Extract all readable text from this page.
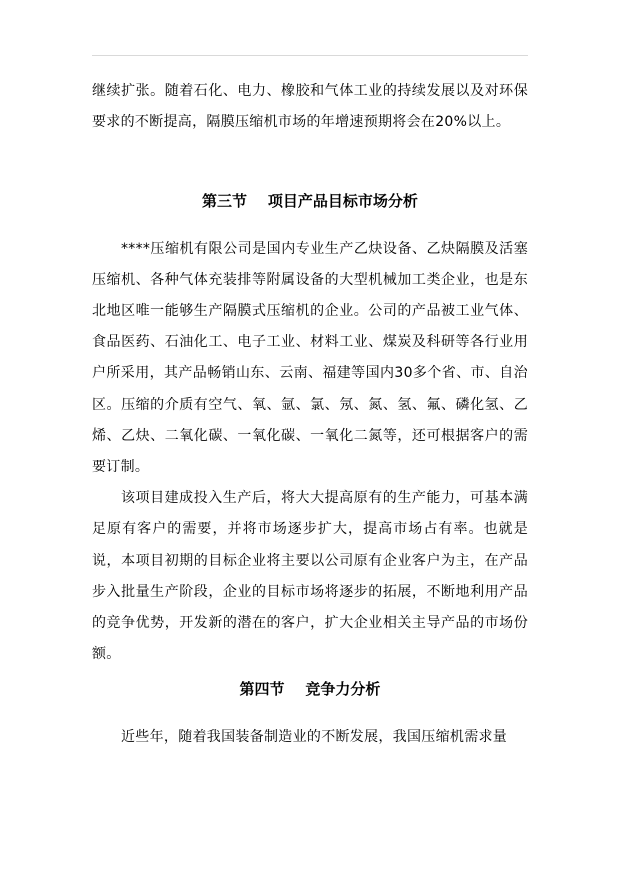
继续扩张。随着石化、电力、橡胶和气体工业的持续发展以及对环保要求的不断提高，隔膜压缩机市场的年增速预期将会在20%以上。

第三节    项目产品目标市场分析

****压缩机有限公司是国内专业生产乙炔设备、乙炔隔膜及活塞压缩机、各种气体充装排等附属设备的大型机械加工类企业，也是东北地区唯一能够生产隔膜式压缩机的企业。公司的产品被工业气体、食品医药、石油化工、电子工业、材料工业、煤炭及科研等各行业用户所采用，其产品畅销山东、云南、福建等国内30多个省、市、自治区。压缩的介质有空气、氧、氩、氯、氖、氮、氢、氟、磷化氢、乙烯、乙炔、二氧化碳、一氧化碳、一氧化二氮等，还可根据客户的需要订制。

该项目建成投入生产后，将大大提高原有的生产能力，可基本满足原有客户的需要，并将市场逐步扩大，提高市场占有率。也就是说，本项目初期的目标企业将主要以公司原有企业客户为主，在产品步入批量生产阶段，企业的目标市场将逐步的拓展，不断地利用产品的竞争优势，开发新的潜在的客户，扩大企业相关主导产品的市场份额。

第四节    竞争力分析

近些年，随着我国装备制造业的不断发展，我国压缩机需求量
